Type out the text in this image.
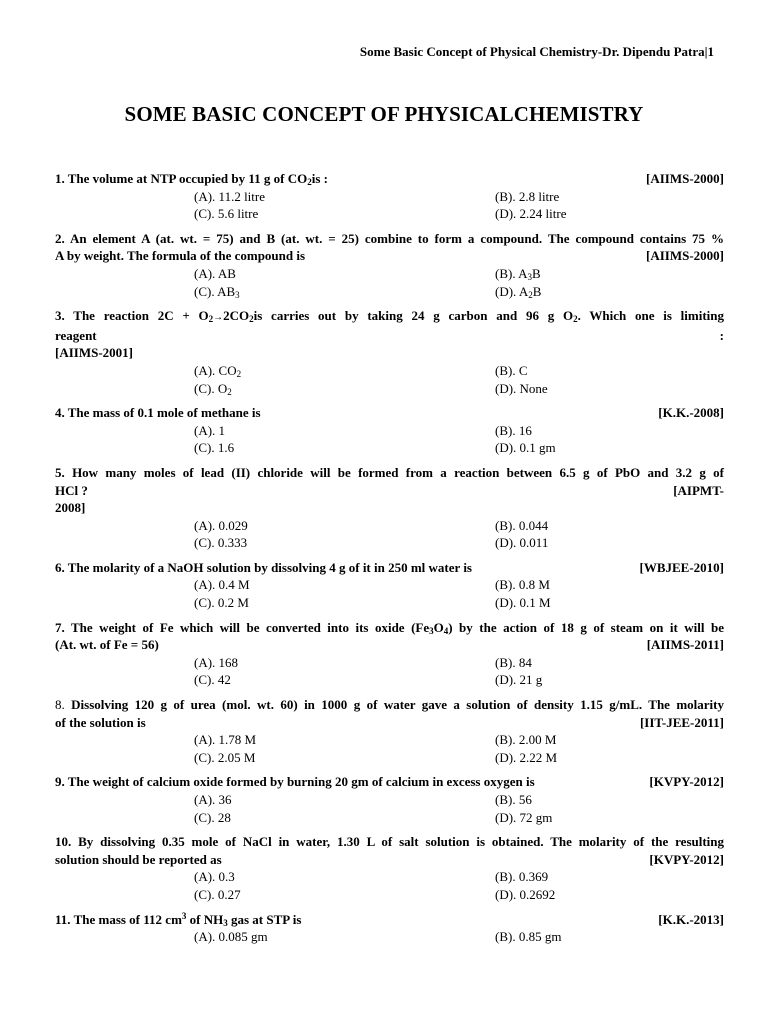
Some Basic Concept of Physical Chemistry-Dr. Dipendu Patra|1
SOME BASIC CONCEPT OF PHYSICALCHEMISTRY
1. The volume at NTP occupied by 11 g of $CO_2is$ :	[AIIMS-2000]
(A). 11.2 litre	(B). 2.8 litre
(C). 5.6 litre	(D). 2.24 litre
2. An element A (at. wt. = 75) and B (at. wt. = 25) combine to form a compound. The compound contains 75 %
A by weight. The formula of the compound is	[AIIMS-2000]
(A). AB	(B). $A_3B$
(C). $AB_3$	(D). $A_2B$
3. The reaction $2C + O_2\to 2CO_2is$ carries out by taking 24 g carbon and 96 g $O_2$. Which one is limiting
reagent	:
[AIIMS-2001]
(A). $CO_2$	(B). C
(C). $O_2$	(D). None
4. The mass of 0.1 mole of methane is	[K.K.-2008]
(A). 1	(B). 16
(C). 1.6	(D). 0.1 gm
5. How many moles of lead (II) chloride will be formed from a reaction between 6.5 g of PbO and 3.2 g of
HCl ?	[AIPMT-
2008]
(A). 0.029	(B). 0.044
(C). 0.333	(D). 0.011
6. The molarity of a NaOH solution by dissolving 4 g of it in 250 ml water is	[WBJEE-2010]
(A). 0.4 M	(B). 0.8 M
(C). 0.2 M	(D). 0.1 M
7. The weight of Fe which will be converted into its oxide $(Fe_3O_4)$ by the action of 18 g of steam on it will be
(At. wt. of Fe = 56)	[AIIMS-2011]
(A). 168	(B). 84
(C). 42	(D). 21 g
8. Dissolving 120 g of urea (mol. wt. 60) in 1000 g of water gave a solution of density 1.15 g/mL. The molarity
of the solution is	[IIT-JEE-2011]
(A). 1.78 M	(B). 2.00 M
(C). 2.05 M	(D). 2.22 M
9. The weight of calcium oxide formed by burning 20 gm of calcium in excess oxygen is	[KVPY-2012]
(A). 36	(B). 56
(C). 28	(D). 72 gm
10. By dissolving 0.35 mole of NaCl in water, 1.30 L of salt solution is obtained. The molarity of the resulting
solution should be reported as	[KVPY-2012]
(A). 0.3	(B). 0.369
(C). 0.27	(D). 0.2692
11. The mass of 112 $cm^3$ of $NH_3$ gas at STP is	[K.K.-2013]
(A). 0.085 gm	(B). 0.85 gm
